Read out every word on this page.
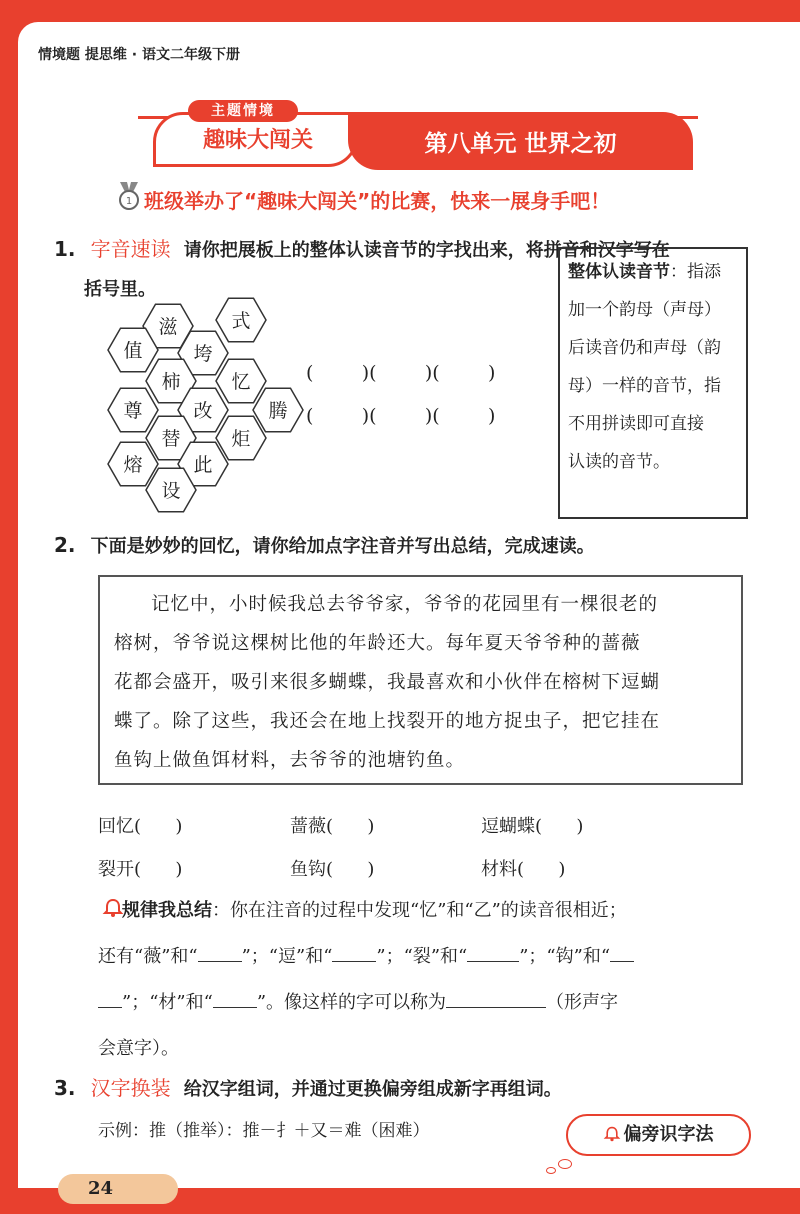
情境题 提思维 · 语文二年级下册
趣味大闯关
主题情境
第八单元 世界之初
1 班级举办了“趣味大闯关”的比赛，快来一展身手吧！
1. 字音速读 请你把展板上的整体认读音节的字找出来，将拼音和汉字写在
括号里。
滋	式
值	垮
柿	忆
尊	改	腾
替	炬
熔	此
设
(        )(        )(        )
(        )(        )(        )
整体认读音节：指添
加一个韵母（声母）
后读音仍和声母（韵
母）一样的音节，指
不用拼读即可直接
认读的音节。
2. 下面是妙妙的回忆，请你给加点字注音并写出总结，完成速读。
记忆中，小时候我总去爷爷家，爷爷的花园里有一棵很老的
榕树，爷爷说这棵树比他的年龄还大。每年夏天爷爷种的蔷薇
花都会盛开，吸引来很多蝴蝶，我最喜欢和小伙伴在榕树下逗蝴
蝶了。除了这些，我还会在地上找裂开的地方捉虫子，把它挂在
鱼钩上做鱼饵材料，去爷爷的池塘钓鱼。
回忆(      )	蔷薇(      )	逗蝴蝶(      )
裂开(      )	鱼钩(      )	材料(      )
规律我总结：你在注音的过程中发现“忆”和“乙”的读音很相近；
还有“薇”和“ ”；“逗”和“ ”；“裂”和“	”；“钩”和“
”；“材”和“ ”。像这样的字可以称为	（形声字
会意字）。
3. 汉字换装 给汉字组词，并通过更换偏旁组成新字再组词。
示例：推（推举）：推－扌＋又＝难（困难）	偏旁识字法
24
